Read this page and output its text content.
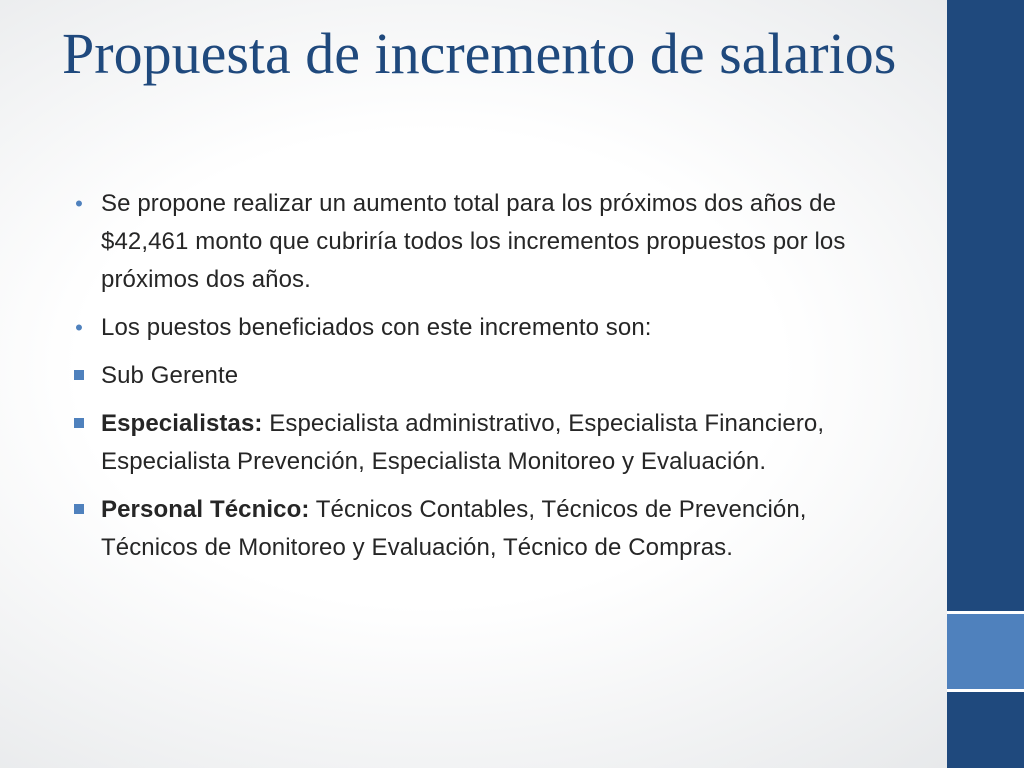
Propuesta de incremento de salarios
• Se propone realizar un aumento total para los próximos dos años de $42,461 monto que cubriría todos los incrementos propuestos por los próximos dos años.
• Los puestos beneficiados con este incremento son:
Sub Gerente
Especialistas: Especialista administrativo, Especialista Financiero, Especialista Prevención, Especialista Monitoreo y Evaluación.
Personal Técnico: Técnicos Contables, Técnicos de Prevención,     Técnicos de Monitoreo y Evaluación, Técnico de Compras.
